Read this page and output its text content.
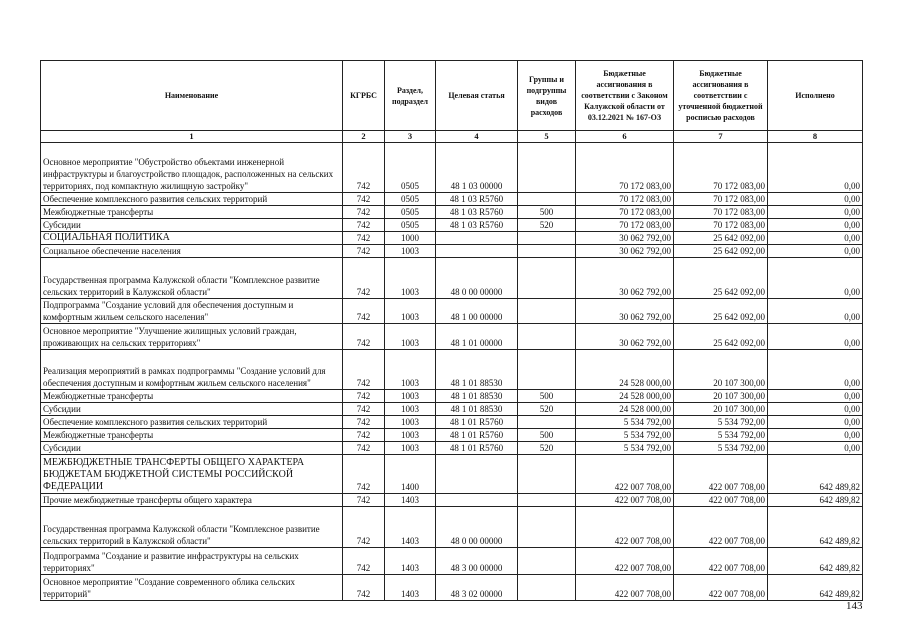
Наименование	КГРБС	Раздел, подраздел	Целевая статья	Группы и подгруппы видов расходов	Бюджетные ассигнования в соответствии с Законом Калужской области от 03.12.2021 № 167-ОЗ	Бюджетные ассигнования в соответствии с уточненной бюджетной росписью расходов	Исполнено
1	2	3	4	5	6	7	8
Основное мероприятие "Обустройство объектами инженерной инфраструктуры и благоустройство площадок, расположенных на сельских территориях, под компактную жилищную застройку"	742	0505	48 1 03 00000		70 172 083,00	70 172 083,00	0,00
Обеспечение комплексного развития сельских территорий	742	0505	48 1 03 R5760		70 172 083,00	70 172 083,00	0,00
Межбюджетные трансферты	742	0505	48 1 03 R5760	500	70 172 083,00	70 172 083,00	0,00
Субсидии	742	0505	48 1 03 R5760	520	70 172 083,00	70 172 083,00	0,00
СОЦИАЛЬНАЯ ПОЛИТИКА	742	1000			30 062 792,00	25 642 092,00	0,00
Социальное обеспечение населения	742	1003			30 062 792,00	25 642 092,00	0,00
Государственная программа Калужской области "Комплексное развитие сельских территорий в Калужской области"	742	1003	48 0 00 00000		30 062 792,00	25 642 092,00	0,00
Подпрограмма "Создание условий для обеспечения доступным и комфортным жильем сельского населения"	742	1003	48 1 00 00000		30 062 792,00	25 642 092,00	0,00
Основное мероприятие "Улучшение жилищных условий граждан, проживающих на сельских территориях"	742	1003	48 1 01 00000		30 062 792,00	25 642 092,00	0,00
Реализация мероприятий в рамках подпрограммы "Создание условий для обеспечения доступным и комфортным жильем сельского населения"	742	1003	48 1 01 88530		24 528 000,00	20 107 300,00	0,00
Межбюджетные трансферты	742	1003	48 1 01 88530	500	24 528 000,00	20 107 300,00	0,00
Субсидии	742	1003	48 1 01 88530	520	24 528 000,00	20 107 300,00	0,00
Обеспечение комплексного развития сельских территорий	742	1003	48 1 01 R5760		5 534 792,00	5 534 792,00	0,00
Межбюджетные трансферты	742	1003	48 1 01 R5760	500	5 534 792,00	5 534 792,00	0,00
Субсидии	742	1003	48 1 01 R5760	520	5 534 792,00	5 534 792,00	0,00
МЕЖБЮДЖЕТНЫЕ ТРАНСФЕРТЫ ОБЩЕГО ХАРАКТЕРА БЮДЖЕТАМ БЮДЖЕТНОЙ СИСТЕМЫ РОССИЙСКОЙ ФЕДЕРАЦИИ	742	1400			422 007 708,00	422 007 708,00	642 489,82
Прочие межбюджетные трансферты общего характера	742	1403			422 007 708,00	422 007 708,00	642 489,82
Государственная программа Калужской области "Комплексное развитие сельских территорий в Калужской области"	742	1403	48 0 00 00000		422 007 708,00	422 007 708,00	642 489,82
Подпрограмма "Создание и развитие инфраструктуры на сельских территориях"	742	1403	48 3 00 00000		422 007 708,00	422 007 708,00	642 489,82
Основное мероприятие "Создание современного облика сельских территорий"	742	1403	48 3 02 00000		422 007 708,00	422 007 708,00	642 489,82
143
